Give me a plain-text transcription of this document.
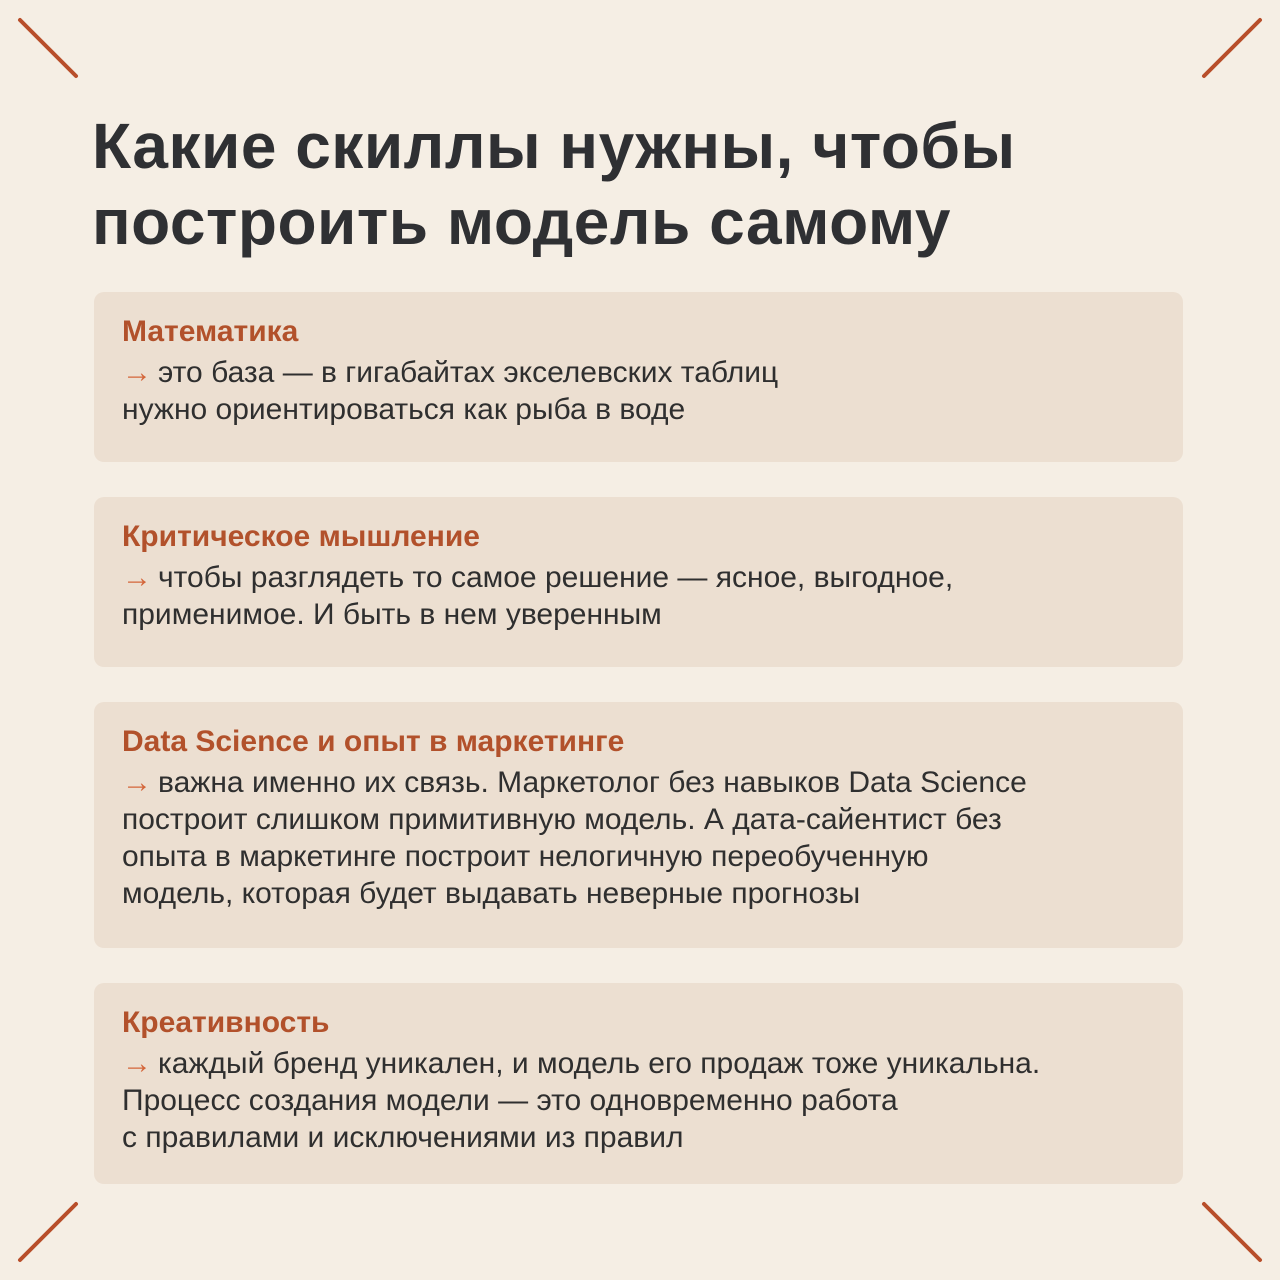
Какие скиллы нужны, чтобы
построить модель самому
Математика

→ это база — в гигабайтах экселевских таблиц
нужно ориентироваться как рыба в воде

Критическое мышление

→ чтобы разглядеть то самое решение — ясное, выгодное,
применимое. И быть в нем уверенным

Data Science и опыт в маркетинге

→ важна именно их связь. Маркетолог без навыков Data Science
построит слишком примитивную модель. А дата-сайентист без
опыта в маркетинге построит нелогичную переобученную
модель, которая будет выдавать неверные прогнозы

Креативность

→ каждый бренд уникален, и модель его продаж тоже уникальна.
Процесс создания модели — это одновременно работа
с правилами и исключениями из правил
